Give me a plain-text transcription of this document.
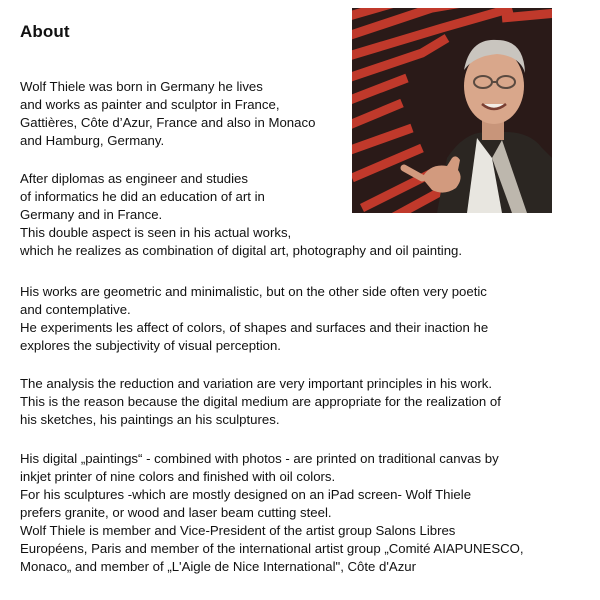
About
Wolf Thiele was born in Germany he lives
and works as painter and sculptor in France,
Gattières, Côte d’Azur, France and also in Monaco
and Hamburg, Germany.
After diplomas as engineer and studies
of informatics he did an education of art in
Germany and in France.
This double aspect is seen in his actual works,
which he realizes as combination of digital art, photography and oil painting.
His works are geometric and minimalistic, but on the other side often very poetic
and contemplative.
He experiments les affect of colors, of shapes and surfaces and their inaction he
explores the subjectivity of visual perception.
The analysis the reduction and variation are very important principles in his work.
This is the reason because the digital medium are appropriate for the realization of
his sketches, his paintings an his sculptures.
His digital „paintings“ - combined with photos - are printed on traditional canvas by
inkjet printer of nine colors and finished with oil colors.
For his sculptures -which are mostly designed on an iPad screen- Wolf Thiele
prefers granite, or wood and laser beam cutting steel.
Wolf Thiele is member and Vice-President of the artist group Salons Libres
Européens, Paris and member of the international artist group „Comité AIAPUNESCO,
Monaco„ and member of „L'Aigle de Nice International", Côte d'Azur
